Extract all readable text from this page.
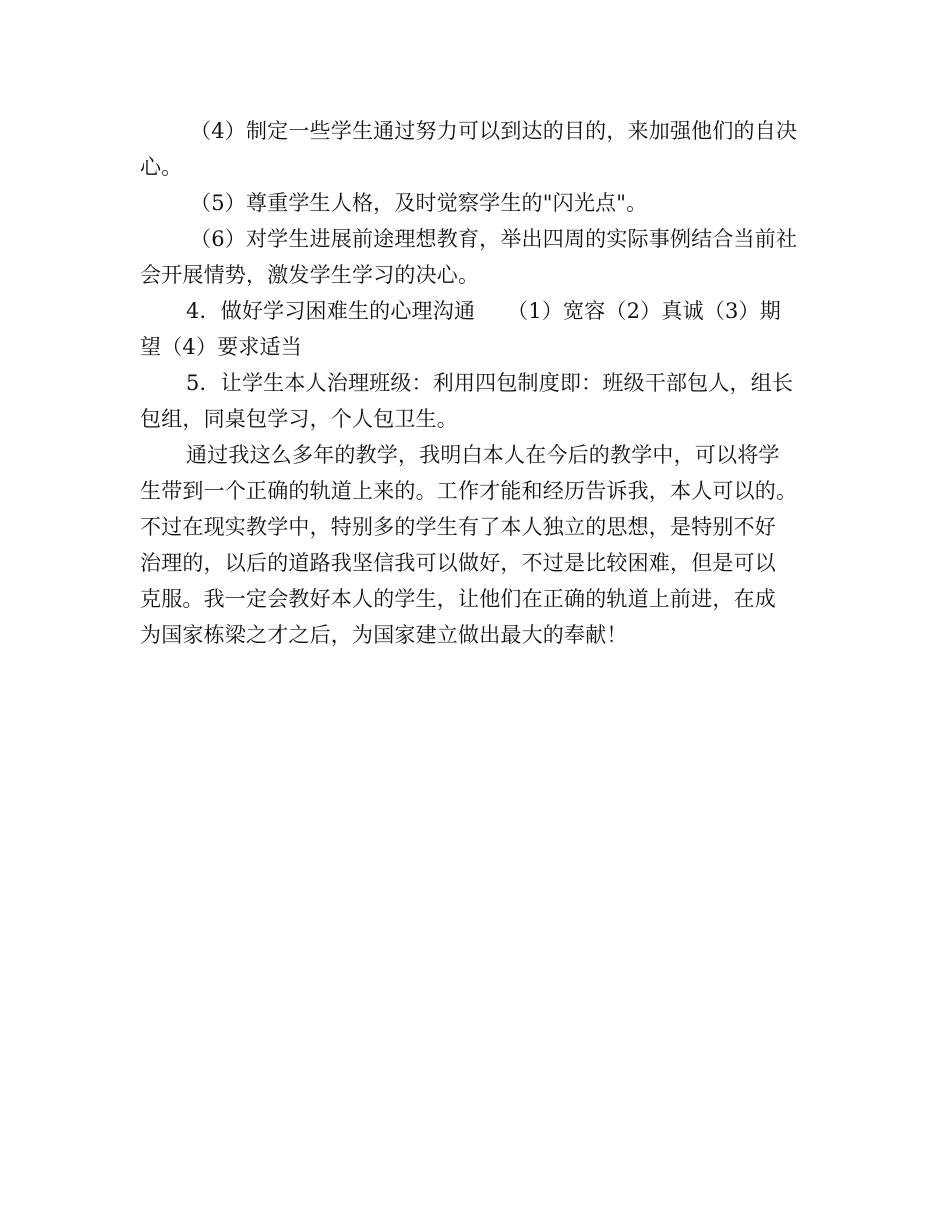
（4）制定一些学生通过努力可以到达的目的，来加强他们的自决
心。
（5）尊重学生人格，及时觉察学生的"闪光点"。
（6）对学生进展前途理想教育，举出四周的实际事例结合当前社
会开展情势，激发学生学习的决心。
4．做好学习困难生的心理沟通　　（1）宽容（2）真诚（3）期
望（4）要求适当
5．让学生本人治理班级：利用四包制度即：班级干部包人，组长
包组，同桌包学习，个人包卫生。
通过我这么多年的教学，我明白本人在今后的教学中，可以将学
生带到一个正确的轨道上来的。工作才能和经历告诉我，本人可以的。
不过在现实教学中，特别多的学生有了本人独立的思想，是特别不好
治理的，以后的道路我坚信我可以做好，不过是比较困难，但是可以
克服。我一定会教好本人的学生，让他们在正确的轨道上前进，在成
为国家栋梁之才之后，为国家建立做出最大的奉献！
